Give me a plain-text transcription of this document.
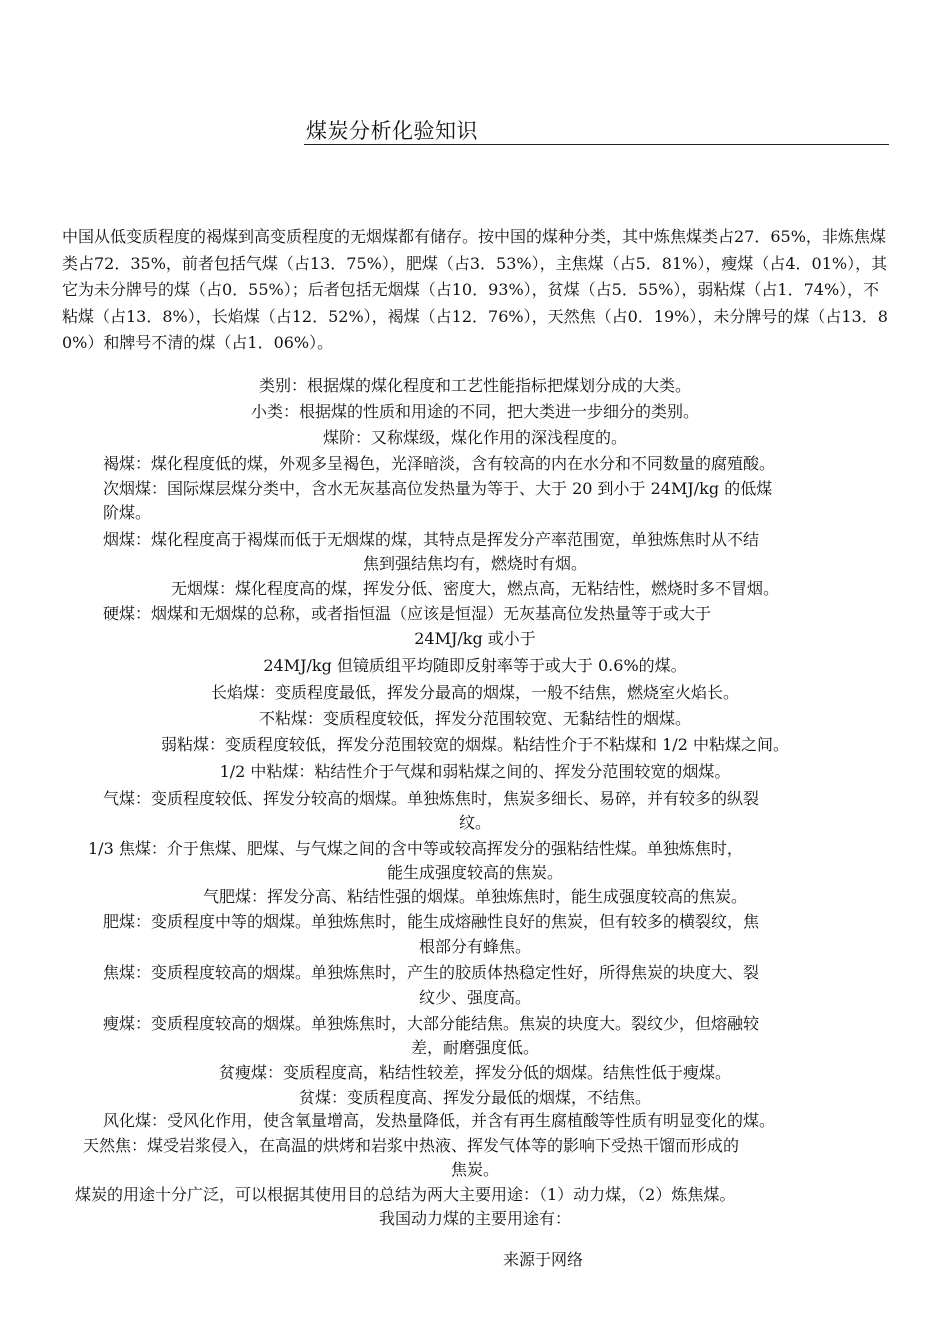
煤炭分析化验知识
中国从低变质程度的褐煤到高变质程度的无烟煤都有储存。按中国的煤种分类，其中炼焦煤类占27．65%，非炼焦煤类占72．35%，前者包括气煤（占13．75%），肥煤（占3．53%），主焦煤（占5．81%），瘦煤（占4．01%），其它为未分牌号的煤（占0．55%）；后者包括无烟煤（占10．93%），贫煤（占5．55%），弱粘煤（占1．74%），不粘煤（占13．8%），长焰煤（占12．52%），褐煤（占12．76%），天然焦（占0．19%），未分牌号的煤（占13．80%）和牌号不清的煤（占1．06%）。
类别：根据煤的煤化程度和工艺性能指标把煤划分成的大类。
小类：根据煤的性质和用途的不同，把大类进一步细分的类别。
煤阶：又称煤级，煤化作用的深浅程度的。
褐煤：煤化程度低的煤，外观多呈褐色，光泽暗淡，含有较高的内在水分和不同数量的腐殖酸。
次烟煤：国际煤层煤分类中，含水无灰基高位发热量为等于、大于 20 到小于 24MJ/kg 的低煤
阶煤。
烟煤：煤化程度高于褐煤而低于无烟煤的煤，其特点是挥发分产率范围宽，单独炼焦时从不结
焦到强结焦均有，燃烧时有烟。
无烟煤：煤化程度高的煤，挥发分低、密度大，燃点高，无粘结性，燃烧时多不冒烟。
硬煤：烟煤和无烟煤的总称，或者指恒温（应该是恒湿）无灰基高位发热量等于或大于
24MJ/kg 或小于
24MJ/kg 但镜质组平均随即反射率等于或大于 0.6%的煤。
长焰煤：变质程度最低，挥发分最高的烟煤，一般不结焦，燃烧室火焰长。
不粘煤：变质程度较低，挥发分范围较宽、无黏结性的烟煤。
弱粘煤：变质程度较低，挥发分范围较宽的烟煤。粘结性介于不粘煤和 1/2 中粘煤之间。
1/2 中粘煤：粘结性介于气煤和弱粘煤之间的、挥发分范围较宽的烟煤。
气煤：变质程度较低、挥发分较高的烟煤。单独炼焦时，焦炭多细长、易碎，并有较多的纵裂
纹。
1/3 焦煤：介于焦煤、肥煤、与气煤之间的含中等或较高挥发分的强粘结性煤。单独炼焦时，
能生成强度较高的焦炭。
气肥煤：挥发分高、粘结性强的烟煤。单独炼焦时，能生成强度较高的焦炭。
肥煤：变质程度中等的烟煤。单独炼焦时，能生成熔融性良好的焦炭，但有较多的横裂纹，焦
根部分有蜂焦。
焦煤：变质程度较高的烟煤。单独炼焦时，产生的胶质体热稳定性好，所得焦炭的块度大、裂
纹少、强度高。
瘦煤：变质程度较高的烟煤。单独炼焦时，大部分能结焦。焦炭的块度大。裂纹少，但熔融较
差，耐磨强度低。
贫瘦煤：变质程度高，粘结性较差，挥发分低的烟煤。结焦性低于瘦煤。
贫煤：变质程度高、挥发分最低的烟煤，不结焦。
风化煤：受风化作用，使含氧量增高，发热量降低，并含有再生腐植酸等性质有明显变化的煤。
天然焦：煤受岩浆侵入，在高温的烘烤和岩浆中热液、挥发气体等的影响下受热干馏而形成的
焦炭。
煤炭的用途十分广泛，可以根据其使用目的总结为两大主要用途：（1）动力煤，（2）炼焦煤。
我国动力煤的主要用途有：
来源于网络
